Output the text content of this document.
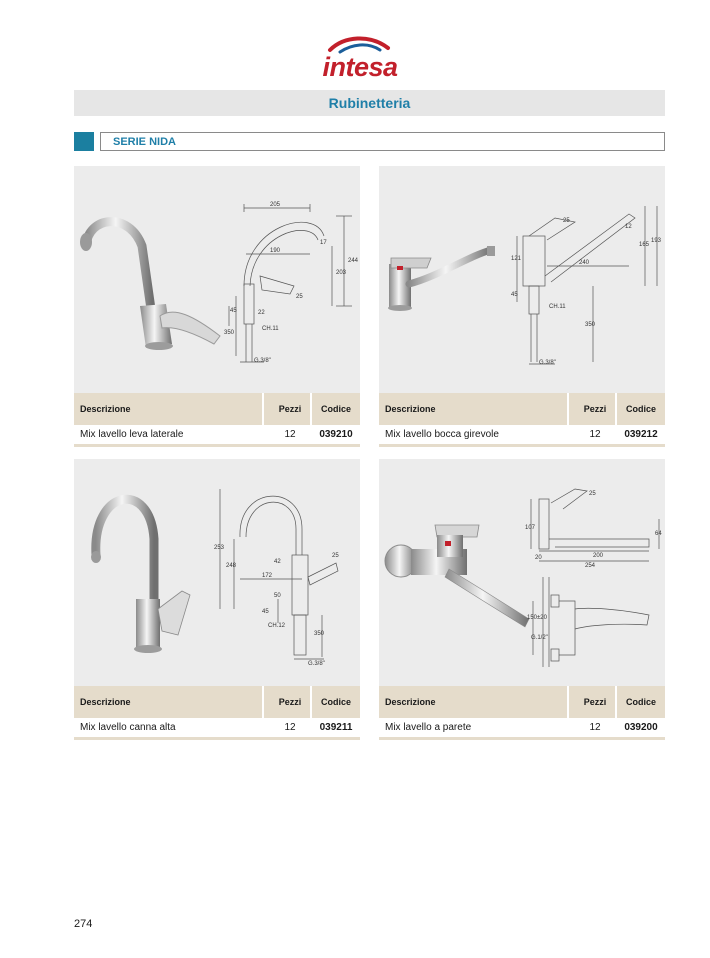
intesa
Rubinetteria
SERIE NIDA
205
190
17
203
244
25
22
45
350
CH.11
G.3/8"
Descrizione	Pezzi	Codice
Mix lavello leva laterale	12	039210
25
121
240
12
165
193
45
CH.11
350
G.3/8"
Descrizione	Pezzi	Codice
Mix lavello bocca girevole	12	039212
253
248
42
25
172
50
45
CH.12
350
G.3/8"
Descrizione	Pezzi	Codice
Mix lavello canna alta	12	039211
25
107
64
20	200
254
150±20
G.1/2"
Descrizione	Pezzi	Codice
Mix lavello a parete	12	039200
274
